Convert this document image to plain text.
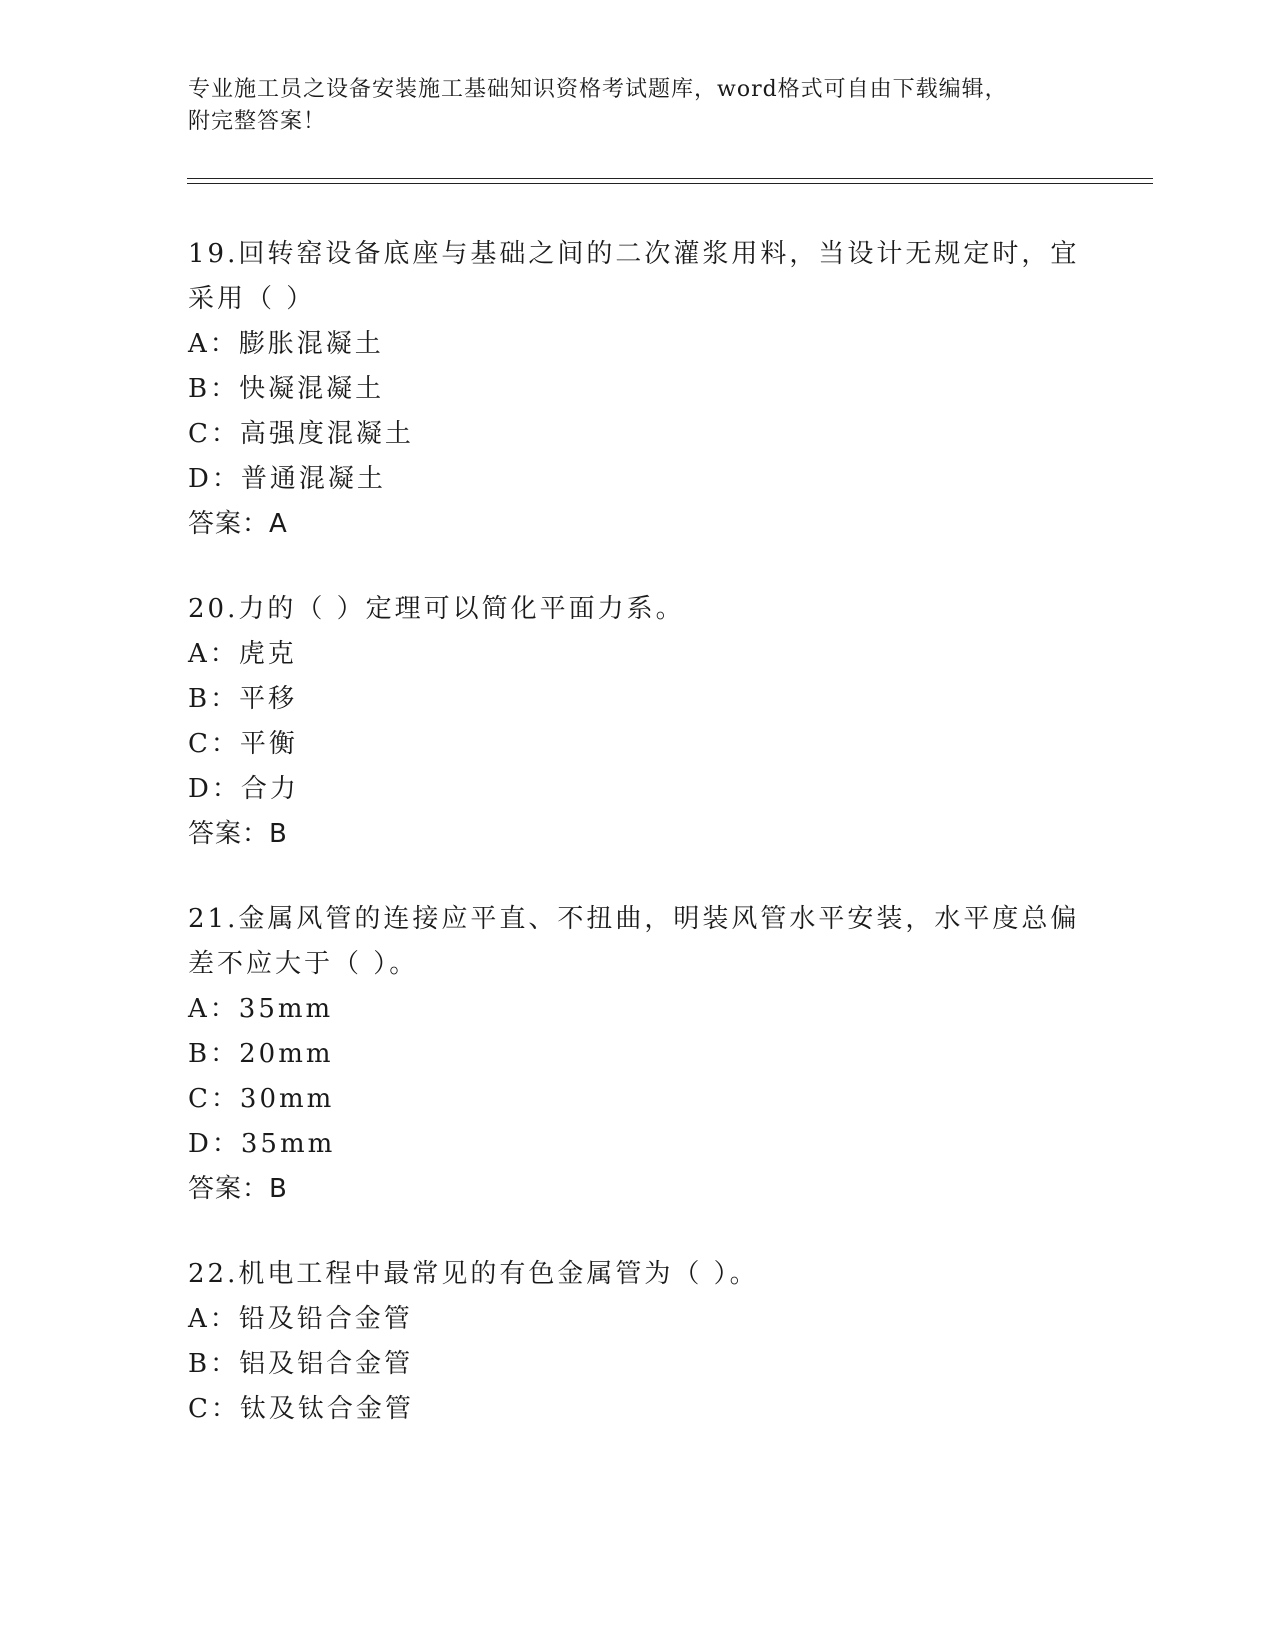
专业施工员之设备安装施工基础知识资格考试题库，word格式可自由下载编辑，
附完整答案！
19.回转窑设备底座与基础之间的二次灌浆用料，当设计无规定时，宜
采用（ ）
A：膨胀混凝土
B：快凝混凝土
C：高强度混凝土
D：普通混凝土
答案：A
20.力的（ ）定理可以简化平面力系。
A：虎克
B：平移
C：平衡
D：合力
答案：B
21.金属风管的连接应平直、不扭曲，明装风管水平安装，水平度总偏
差不应大于（ ）。
A：35mm
B：20mm
C：30mm
D：35mm
答案：B
22.机电工程中最常见的有色金属管为（ ）。
A：铅及铅合金管
B：铝及铝合金管
C：钛及钛合金管
